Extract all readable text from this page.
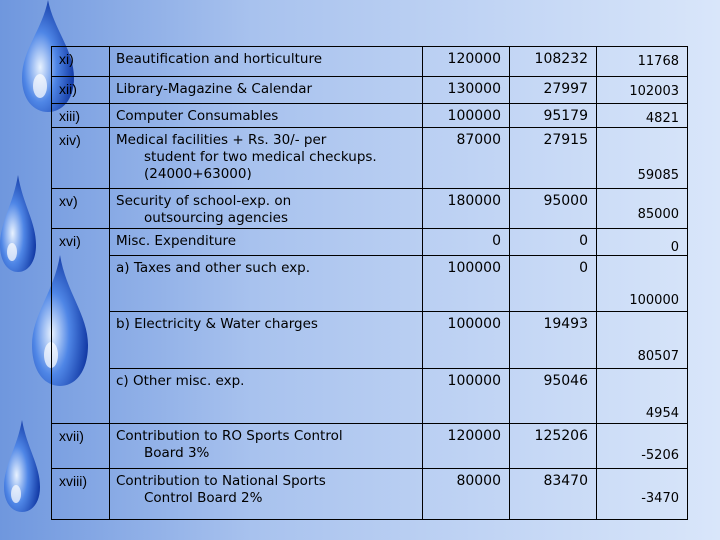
xi)	Beautification and horticulture	120000	108232	11768

xii)	Library-Magazine & Calendar	130000	27997	102003

xiii)	Computer Consumables	100000	95179	4821

xiv)	Medical facilities + Rs. 30/- per
student for two medical checkups.(24000+63000)	87000	27915	59085

xv)	Security of school-exp. on
outsourcing agencies	180000	95000	85000

xvi)	Misc. Expenditure	0	0	0

	a) Taxes and other such exp.	100000	0	100000

	b) Electricity & Water charges	100000	19493	80507

	c) Other misc. exp.	100000	95046	4954

xvii)	Contribution to RO Sports Control
Board 3%	120000	125206	-5206

xviii)	Contribution to National Sports
Control Board 2%	80000	83470	-3470
